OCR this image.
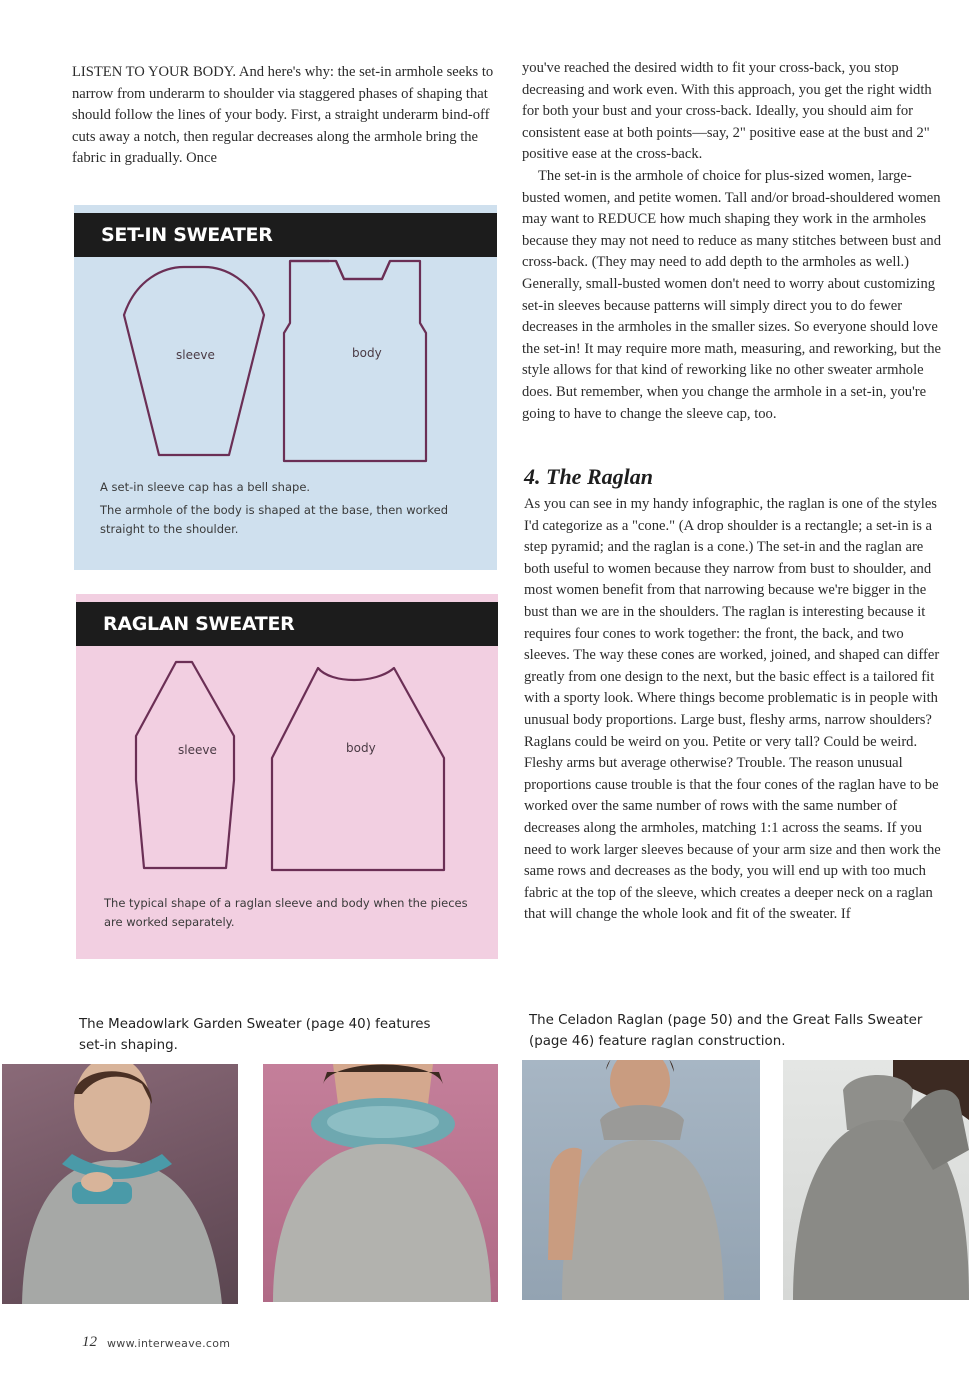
LISTEN TO YOUR BODY. And here's why: the set-in armhole seeks to narrow from underarm to shoulder via staggered phases of shaping that should follow the lines of your body. First, a straight underarm bind-off cuts away a notch, then regular decreases along the armhole bring the fabric in gradually. Once

you've reached the desired width to fit your cross-back, you stop decreasing and work even. With this approach, you get the right width for both your bust and your cross-back. Ideally, you should aim for consistent ease at both points—say, 2" positive ease at the bust and 2" positive ease at the cross-back.

The set-in is the armhole of choice for plus-sized women, large-busted women, and petite women. Tall and/or broad-shouldered women may want to REDUCE how much shaping they work in the armholes because they may not need to reduce as many stitches between bust and cross-back. (They may need to add depth to the armholes as well.) Generally, small-busted women don't need to worry about customizing set-in sleeves because patterns will simply direct you to do fewer decreases in the armholes in the smaller sizes. So everyone should love the set-in! It may require more math, measuring, and reworking, but the style allows for that kind of reworking like no other sweater armhole does. But remember, when you change the armhole in a set-in, you're going to have to change the sleeve cap, too.

4. The Raglan

As you can see in my handy infographic, the raglan is one of the styles I'd categorize as a "cone." (A drop shoulder is a rectangle; a set-in is a step pyramid; and the raglan is a cone.) The set-in and the raglan are both useful to women because they narrow from bust to shoulder, and most women benefit from that narrowing because we're bigger in the bust than we are in the shoulders. The raglan is interesting because it requires four cones to work together: the front, the back, and two sleeves. The way these cones are worked, joined, and shaped can differ greatly from one design to the next, but the basic effect is a tailored fit with a sporty look. Where things become problematic is in people with unusual body proportions. Large bust, fleshy arms, narrow shoulders? Raglans could be weird on you. Petite or very tall? Could be weird. Fleshy arms but average otherwise? Trouble. The reason unusual proportions cause trouble is that the four cones of the raglan have to be worked over the same number of rows with the same number of decreases along the armholes, matching 1:1 across the seams. If you need to work larger sleeves because of your arm size and then work the same rows and decreases as the body, you will end up with too much fabric at the top of the sleeve, which creates a deeper neck on a raglan that will change the whole look and fit of the sweater. If

SET-IN SWEATER
sleeve	body

A set-in sleeve cap has a bell shape.

The armhole of the body is shaped at the base, then worked straight to the shoulder.

RAGLAN SWEATER
sleeve	body

The typical shape of a raglan sleeve and body when the pieces are worked separately.

The Meadowlark Garden Sweater (page 40) features set-in shaping.

The Celadon Raglan (page 50) and the Great Falls Sweater (page 46) feature raglan construction.

12 www.interweave.com
